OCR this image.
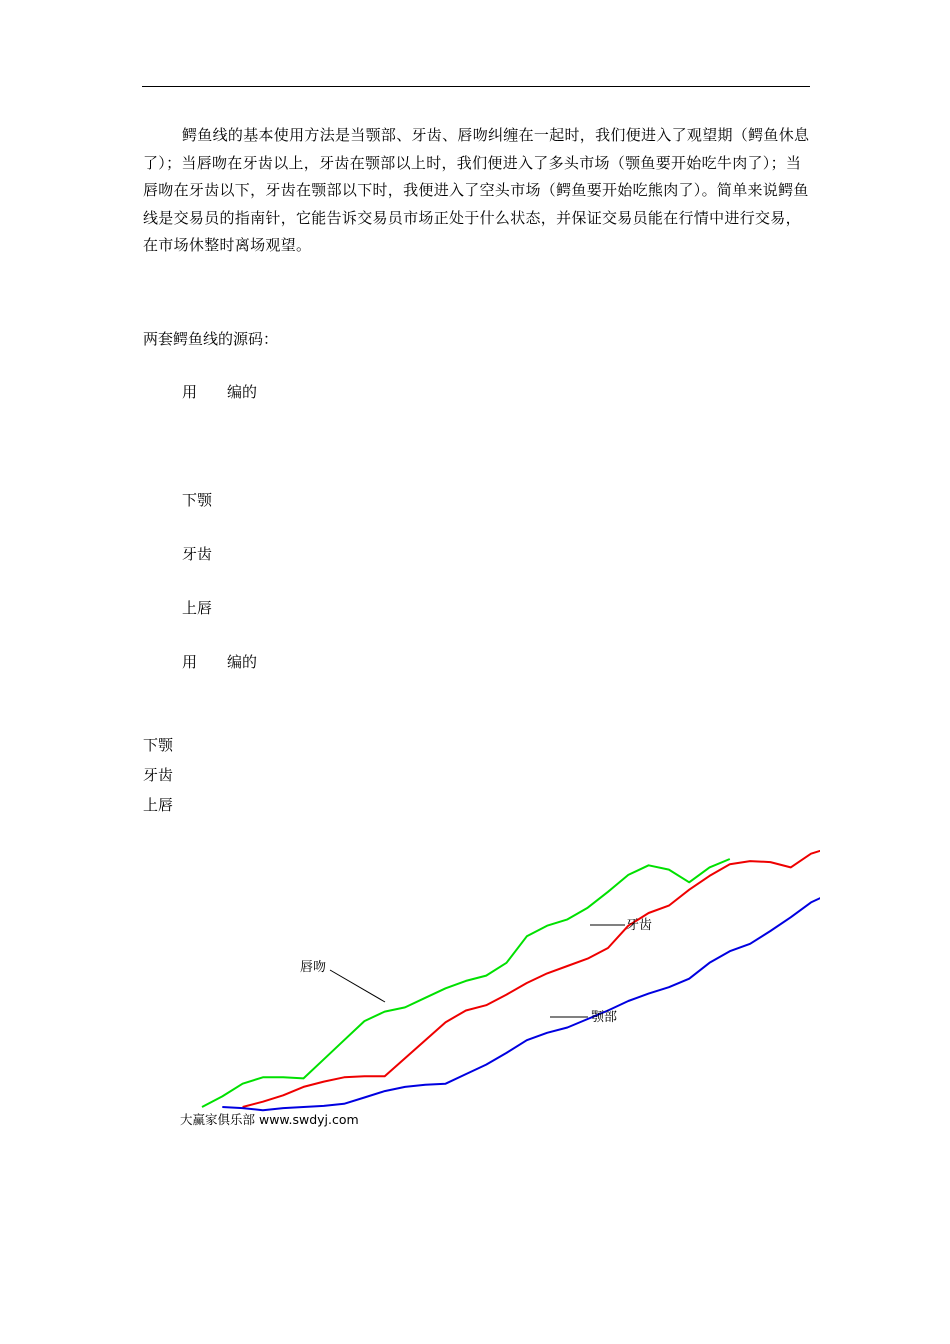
鳄鱼线的基本使用方法是当颚部、牙齿、唇吻纠缠在一起时，我们便进入了观望期（鳄鱼休息了）；当唇吻在牙齿以上，牙齿在颚部以上时，我们便进入了多头市场（颚鱼要开始吃牛肉了）；当唇吻在牙齿以下，牙齿在颚部以下时，我便进入了空头市场（鳄鱼要开始吃熊肉了）。简单来说鳄鱼线是交易员的指南针，它能告诉交易员市场正处于什么状态，并保证交易员能在行情中进行交易，在市场休整时离场观望。

两套鳄鱼线的源码：
用　　编的
下颚
牙齿
上唇
用　　编的
下颚
牙齿
上唇
唇吻
牙齿
颚部
大赢家俱乐部 www.swdyj.com
